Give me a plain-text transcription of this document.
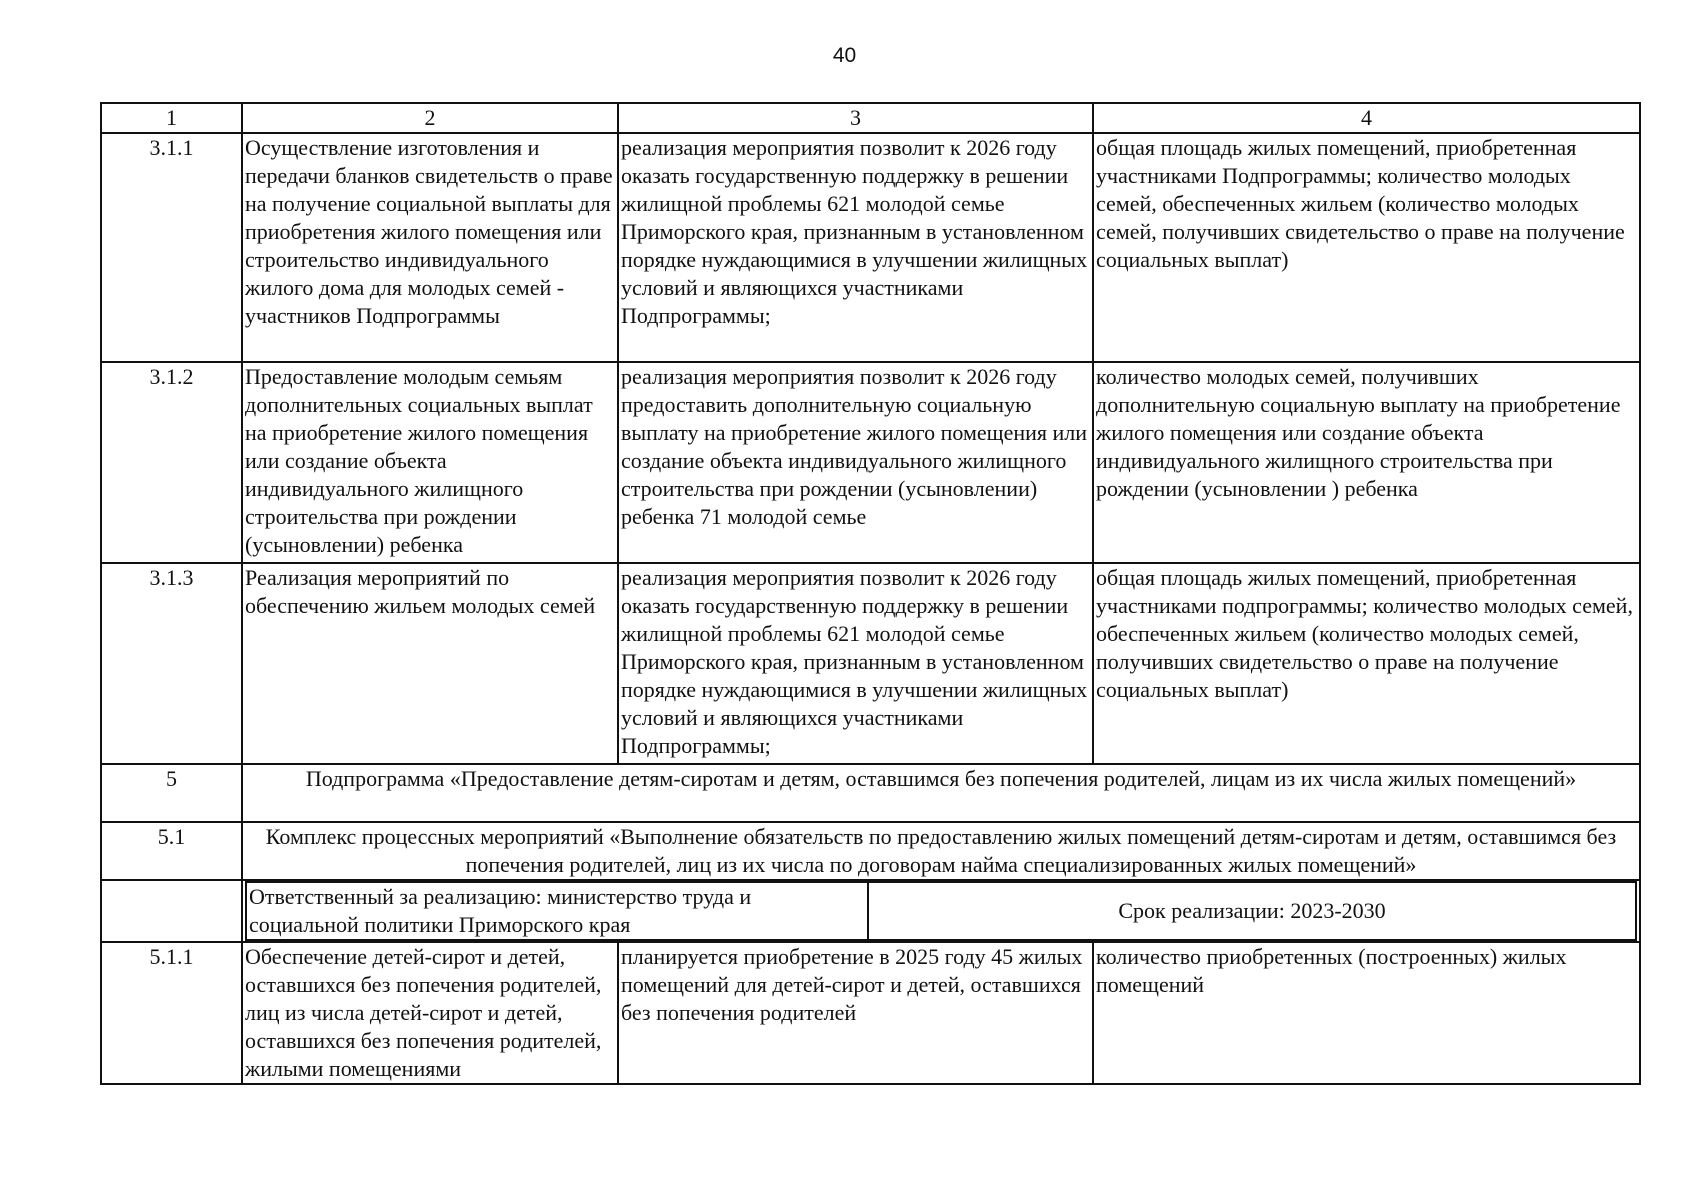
40
1	2	3	4
3.1.1	Осуществление изготовления и передачи бланков свидетельств о праве на получение социальной выплаты для приобретения жилого помещения или строительство индивидуального жилого дома для молодых семей - участников Подпрограммы	реализация мероприятия позволит к 2026 году оказать государственную поддержку в решении жилищной проблемы 621 молодой семье Приморского края, признанным в установленном порядке нуждающимися в улучшении жилищных условий и являющихся участниками Подпрограммы;	общая площадь жилых помещений, приобретенная участниками Подпрограммы; количество молодых семей, обеспеченных жильем (количество молодых семей, получивших свидетельство о праве на получение социальных выплат)
3.1.2	Предоставление молодым семьям дополнительных социальных выплат на приобретение жилого помещения или создание объекта индивидуального жилищного строительства при рождении (усыновлении) ребенка	реализация мероприятия позволит к 2026 году предоставить дополнительную социальную выплату на приобретение жилого помещения или создание объекта индивидуального жилищного строительства при рождении (усыновлении) ребенка 71 молодой семье	количество молодых семей, получивших дополнительную социальную выплату на приобретение жилого помещения или создание объекта индивидуального жилищного строительства при рождении (усыновлении ) ребенка
3.1.3	Реализация мероприятий по обеспечению жильем молодых семей	реализация мероприятия позволит к 2026 году оказать государственную поддержку в решении жилищной проблемы 621 молодой семье Приморского края, признанным в установленном порядке нуждающимися в улучшении жилищных условий и являющихся участниками Подпрограммы;	общая площадь жилых помещений, приобретенная участниками подпрограммы; количество молодых семей, обеспеченных жильем (количество молодых семей, получивших свидетельство о праве на получение социальных выплат)
5	Подпрограмма «Предоставление детям-сиротам и детям, оставшимся без попечения родителей, лицам из их числа жилых помещений»
5.1	Комплекс процессных мероприятий «Выполнение обязательств по предоставлению жилых помещений детям-сиротам и детям, оставшимся без попечения родителей, лиц из их числа по договорам найма специализированных жилых помещений»

Ответственный за реализацию: министерство труда и социальной политики Приморского края	Срок реализации: 2023-2030

5.1.1	Обеспечение детей-сирот и детей, оставшихся без попечения родителей, лиц из числа детей-сирот и детей, оставшихся без попечения родителей, жилыми помещениями	планируется приобретение в 2025 году 45 жилых помещений для детей-сирот и детей, оставшихся без попечения родителей	количество приобретенных (построенных) жилых помещений
